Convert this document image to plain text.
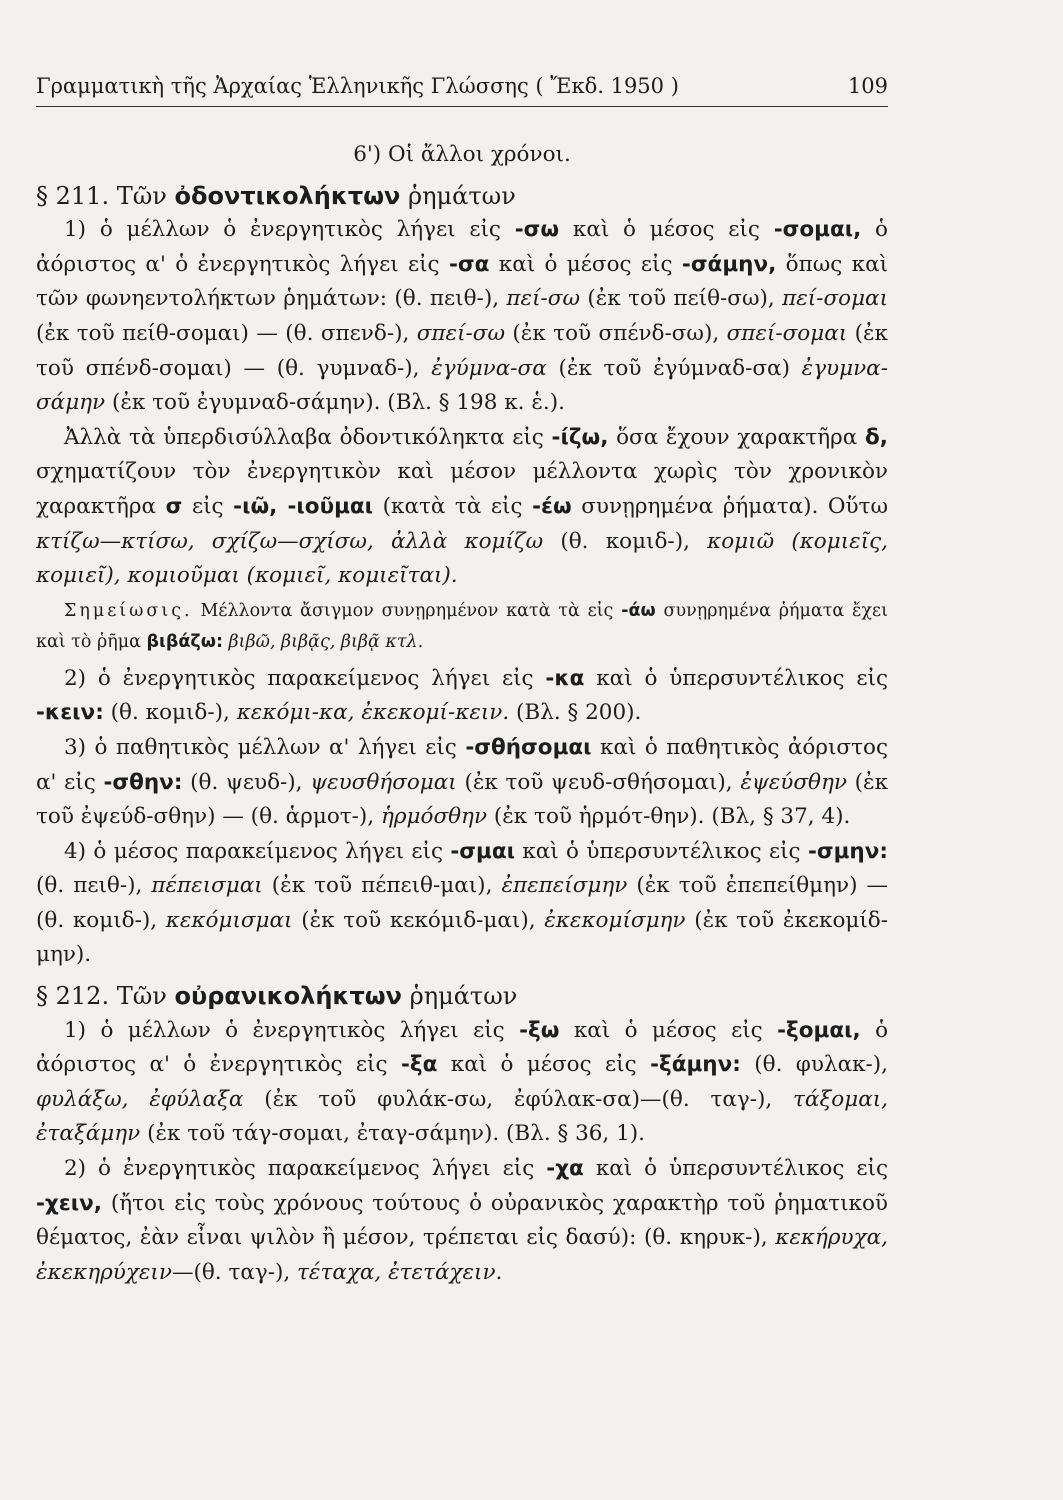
Γραμματικὴ τῆς Ἀρχαίας Ἑλληνικῆς Γλώσσης ( Ἔκδ. 1950 )	109
6') Οἱ ἄλλοι χρόνοι.
§ 211. Τῶν ὀδοντικολήκτων ῥημάτων

1) ὁ μέλλων ὁ ἐνεργητικὸς λήγει εἰς -σω καὶ ὁ μέσος εἰς -σομαι, ὁ ἀόριστος α' ὁ ἐνεργητικὸς λήγει εἰς -σα καὶ ὁ μέσος εἰς -σάμην, ὅπως καὶ τῶν φωνηεντολήκτων ῥημάτων: (θ. πειθ-), πεί-σω (ἐκ τοῦ πείθ-σω), πεί-σομαι (ἐκ τοῦ πείθ-σομαι) — (θ. σπενδ-), σπεί-σω (ἐκ τοῦ σπένδ-σω), σπεί-σομαι (ἐκ τοῦ σπένδ-σομαι) — (θ. γυμναδ-), ἐγύμνα-σα (ἐκ τοῦ ἐγύμναδ-σα) ἐγυμνα-σάμην (ἐκ τοῦ ἐγυμναδ-σάμην). (Βλ. § 198 κ. ἑ.).

Ἀλλὰ τὰ ὑπερδισύλλαβα ὀδοντικόληκτα εἰς -ίζω, ὅσα ἔχουν χαρακτῆρα δ, σχηματίζουν τὸν ἐνεργητικὸν καὶ μέσον μέλλοντα χωρὶς τὸν χρονικὸν χαρακτῆρα σ εἰς -ιῶ, -ιοῦμαι (κατὰ τὰ εἰς -έω συνῃρημένα ῥήματα). Οὕτω κτίζω—κτίσω, σχίζω—σχίσω, ἀλλὰ κομίζω (θ. κομιδ-), κομιῶ (κομιεῖς, κομιεῖ), κομιοῦμαι (κομιεῖ, κομιεῖται).

Σημείωσις. Μέλλοντα ἄσιγμον συνῃρημένον κατὰ τὰ εἰς -άω συνῃρημένα ῥήματα ἔχει καὶ τὸ ῥῆμα βιβάζω: βιβῶ, βιβᾷς, βιβᾷ κτλ.

2) ὁ ἐνεργητικὸς παρακείμενος λήγει εἰς -κα καὶ ὁ ὑπερσυντέλικος εἰς -κειν: (θ. κομιδ-), κεκόμι-κα, ἐκεκομί-κειν. (Βλ. § 200).

3) ὁ παθητικὸς μέλλων α' λήγει εἰς -σθήσομαι καὶ ὁ παθητικὸς ἀόριστος α' εἰς -σθην: (θ. ψευδ-), ψευσθήσομαι (ἐκ τοῦ ψευδ-σθήσομαι), ἐψεύσθην (ἐκ τοῦ ἐψεύδ-σθην) — (θ. ἁρμοτ-), ἡρμόσθην (ἐκ τοῦ ἡρμότ-θην). (Βλ, § 37, 4).

4) ὁ μέσος παρακείμενος λήγει εἰς -σμαι καὶ ὁ ὑπερσυντέλικος εἰς -σμην: (θ. πειθ-), πέπεισμαι (ἐκ τοῦ πέπειθ-μαι), ἐπεπείσμην (ἐκ τοῦ ἐπεπείθμην) — (θ. κομιδ-), κεκόμισμαι (ἐκ τοῦ κεκόμιδ-μαι), ἐκεκομίσμην (ἐκ τοῦ ἐκεκομίδ-μην).

§ 212. Τῶν οὐρανικολήκτων ῥημάτων

1) ὁ μέλλων ὁ ἐνεργητικὸς λήγει εἰς -ξω καὶ ὁ μέσος εἰς -ξομαι, ὁ ἀόριστος α' ὁ ἐνεργητικὸς εἰς -ξα καὶ ὁ μέσος εἰς -ξάμην: (θ. φυλακ-), φυλάξω, ἐφύλαξα (ἐκ τοῦ φυλάκ-σω, ἐφύλακ-σα)—(θ. ταγ-), τάξομαι, ἐταξάμην (ἐκ τοῦ τάγ-σομαι, ἐταγ-σάμην). (Βλ. § 36, 1).

2) ὁ ἐνεργητικὸς παρακείμενος λήγει εἰς -χα καὶ ὁ ὑπερσυντέλικος εἰς -χειν, (ἤτοι εἰς τοὺς χρόνους τούτους ὁ οὐρανικὸς χαρακτὴρ τοῦ ῥηματικοῦ θέματος, ἐὰν εἶναι ψιλὸν ἢ μέσον, τρέπεται εἰς δασύ): (θ. κηρυκ-), κεκήρυχα, ἐκεκηρύχειν—(θ. ταγ-), τέταχα, ἐτετάχειν.
